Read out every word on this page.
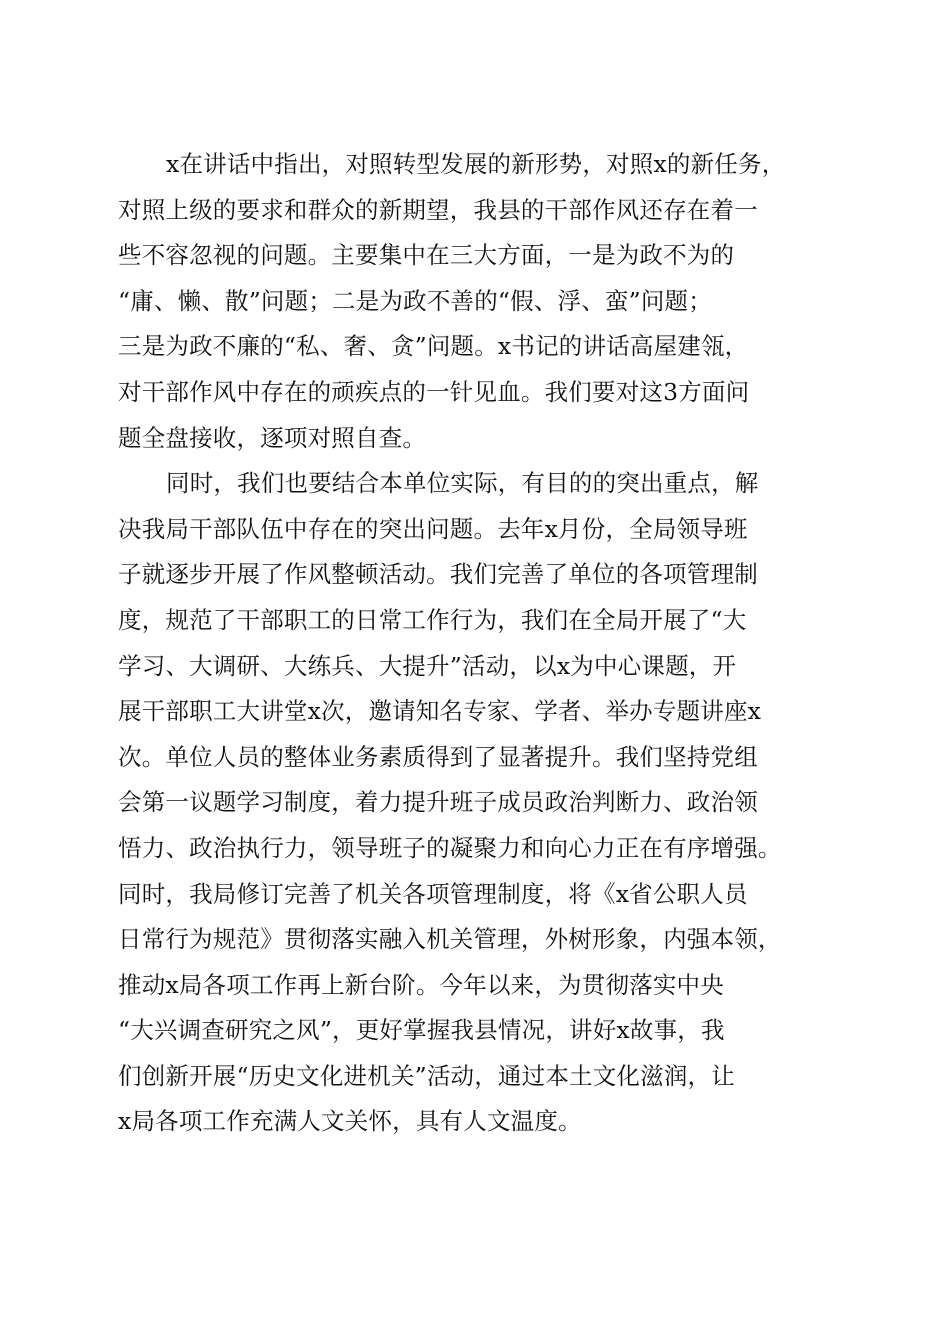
x在讲话中指出，对照转型发展的新形势，对照x的新任务，
对照上级的要求和群众的新期望，我县的干部作风还存在着一
些不容忽视的问题。主要集中在三大方面，一是为政不为的
“庸、懒、散”问题；二是为政不善的“假、浮、蛮”问题；
三是为政不廉的“私、奢、贪”问题。x书记的讲话高屋建瓴，
对干部作风中存在的顽疾点的一针见血。我们要对这3方面问
题全盘接收，逐项对照自查。
同时，我们也要结合本单位实际，有目的的突出重点，解
决我局干部队伍中存在的突出问题。去年x月份，全局领导班
子就逐步开展了作风整顿活动。我们完善了单位的各项管理制
度，规范了干部职工的日常工作行为，我们在全局开展了“大
学习、大调研、大练兵、大提升”活动，以x为中心课题，开
展干部职工大讲堂x次，邀请知名专家、学者、举办专题讲座x
次。单位人员的整体业务素质得到了显著提升。我们坚持党组
会第一议题学习制度，着力提升班子成员政治判断力、政治领
悟力、政治执行力，领导班子的凝聚力和向心力正在有序增强。
同时，我局修订完善了机关各项管理制度，将《x省公职人员
日常行为规范》贯彻落实融入机关管理，外树形象，内强本领，
推动x局各项工作再上新台阶。今年以来，为贯彻落实中央
“大兴调查研究之风”，更好掌握我县情况，讲好x故事，我
们创新开展“历史文化进机关”活动，通过本土文化滋润，让
x局各项工作充满人文关怀，具有人文温度。
